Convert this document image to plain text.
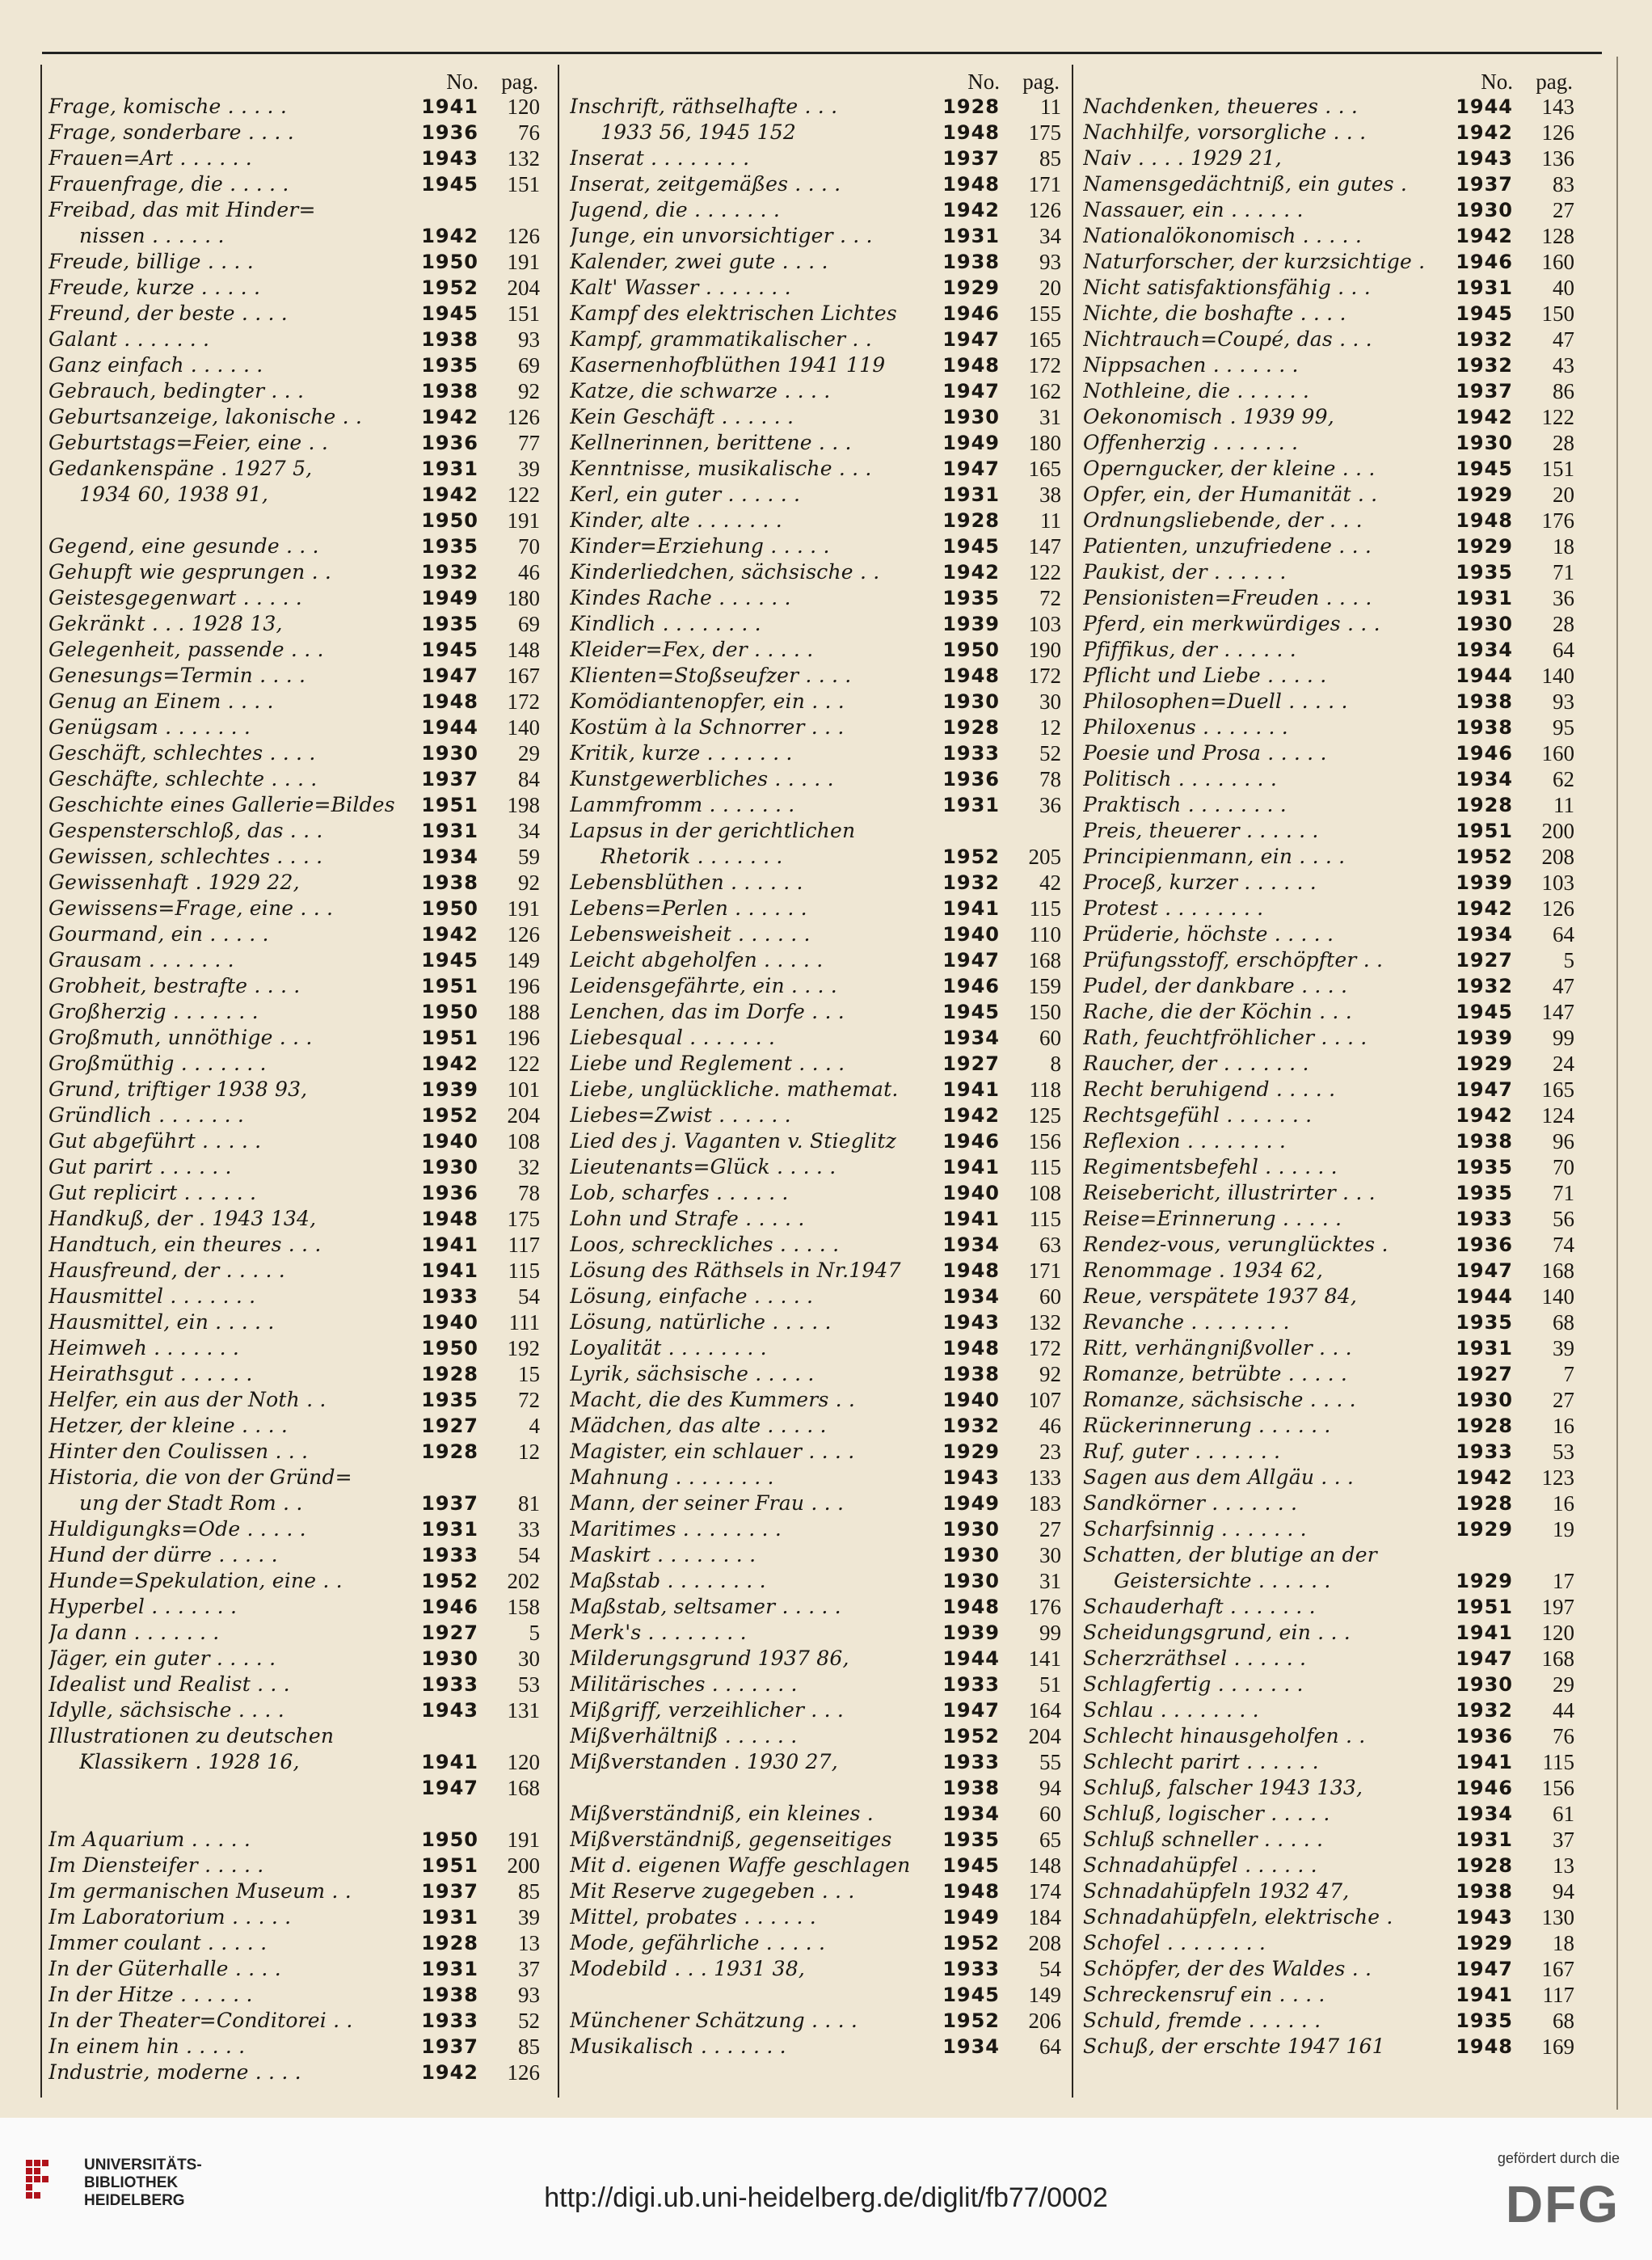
No. pag.
Frage, komische . . . . .	1941	120
Frage, sonderbare . . . .	1936	76
Frauen=Art . . . . . .	1943	132
Frauenfrage, die . . . . .	1945	151
Freibad, das mit Hinder=
nissen . . . . . .	1942	126
Freude, billige . . . .	1950	191
Freude, kurze . . . . .	1952	204
Freund, der beste . . . .	1945	151
Galant . . . . . . .	1938	93
Ganz einfach . . . . . .	1935	69
Gebrauch, bedingter . . .	1938	92
Geburtsanzeige, lakonische . .	1942	126
Geburtstags=Feier, eine . .	1936	77
Gedankenspäne . 1927 5,	1931	39
1934 60, 1938 91,	1942	122
1950	191
Gegend, eine gesunde . . .	1935	70
Gehupft wie gesprungen . .	1932	46
Geistesgegenwart . . . . .	1949	180
Gekränkt . . . 1928 13,	1935	69
Gelegenheit, passende . . .	1945	148
Genesungs=Termin . . . .	1947	167
Genug an Einem . . . .	1948	172
Genügsam . . . . . . .	1944	140
Geschäft, schlechtes . . . .	1930	29
Geschäfte, schlechte . . . .	1937	84
Geschichte eines Gallerie=Bildes	1951	198
Gespensterschloß, das . . .	1931	34
Gewissen, schlechtes . . . .	1934	59
Gewissenhaft . 1929 22,	1938	92
Gewissens=Frage, eine . . .	1950	191
Gourmand, ein . . . . .	1942	126
Grausam . . . . . . .	1945	149
Grobheit, bestrafte . . . .	1951	196
Großherzig . . . . . . .	1950	188
Großmuth, unnöthige . . .	1951	196
Großmüthig . . . . . . .	1942	122
Grund, triftiger 1938 93,	1939	101
Gründlich . . . . . . .	1952	204
Gut abgeführt . . . . .	1940	108
Gut parirt . . . . . .	1930	32
Gut replicirt . . . . . .	1936	78
Handkuß, der . 1943 134,	1948	175
Handtuch, ein theures . . .	1941	117
Hausfreund, der . . . . .	1941	115
Hausmittel . . . . . . .	1933	54
Hausmittel, ein . . . . .	1940	111
Heimweh . . . . . . .	1950	192
Heirathsgut . . . . . .	1928	15
Helfer, ein aus der Noth . .	1935	72
Hetzer, der kleine . . . .	1927	4
Hinter den Coulissen . . .	1928	12
Historia, die von der Gründ=
ung der Stadt Rom . .	1937	81
Huldigungks=Ode . . . . .	1931	33
Hund der dürre . . . . .	1933	54
Hunde=Spekulation, eine . .	1952	202
Hyperbel . . . . . . .	1946	158
Ja dann . . . . . . .	1927	5
Jäger, ein guter . . . . .	1930	30
Idealist und Realist . . .	1933	53
Idylle, sächsische . . . .	1943	131
Illustrationen zu deutschen
Klassikern . 1928 16,	1941	120
1947	168
Im Aquarium . . . . .	1950	191
Im Diensteifer . . . . .	1951	200
Im germanischen Museum . .	1937	85
Im Laboratorium . . . . .	1931	39
Immer coulant . . . . .	1928	13
In der Güterhalle . . . .	1931	37
In der Hitze . . . . . .	1938	93
In der Theater=Conditorei . .	1933	52
In einem hin . . . . .	1937	85
Industrie, moderne . . . .	1942	126
No. pag.
Inschrift, räthselhafte . . .	1928	11
1933 56, 1945 152	1948	175
Inserat . . . . . . . .	1937	85
Inserat, zeitgemäßes . . . .	1948	171
Jugend, die . . . . . . .	1942	126
Junge, ein unvorsichtiger . . .	1931	34
Kalender, zwei gute . . . .	1938	93
Kalt' Wasser . . . . . . .	1929	20
Kampf des elektrischen Lichtes	1946	155
Kampf, grammatikalischer . .	1947	165
Kasernenhofblüthen 1941 119	1948	172
Katze, die schwarze . . . .	1947	162
Kein Geschäft . . . . . .	1930	31
Kellnerinnen, berittene . . .	1949	180
Kenntnisse, musikalische . . .	1947	165
Kerl, ein guter . . . . . .	1931	38
Kinder, alte . . . . . . .	1928	11
Kinder=Erziehung . . . . .	1945	147
Kinderliedchen, sächsische . .	1942	122
Kindes Rache . . . . . .	1935	72
Kindlich . . . . . . . .	1939	103
Kleider=Fex, der . . . . .	1950	190
Klienten=Stoßseufzer . . . .	1948	172
Komödiantenopfer, ein . . .	1930	30
Kostüm à la Schnorrer . . .	1928	12
Kritik, kurze . . . . . . .	1933	52
Kunstgewerbliches . . . . .	1936	78
Lammfromm . . . . . . .	1931	36
Lapsus in der gerichtlichen
Rhetorik . . . . . . .	1952	205
Lebensblüthen . . . . . .	1932	42
Lebens=Perlen . . . . . .	1941	115
Lebensweisheit . . . . . .	1940	110
Leicht abgeholfen . . . . .	1947	168
Leidensgefährte, ein . . . .	1946	159
Lenchen, das im Dorfe . . .	1945	150
Liebesqual . . . . . . .	1934	60
Liebe und Reglement . . . .	1927	8
Liebe, unglückliche. mathemat.	1941	118
Liebes=Zwist . . . . . .	1942	125
Lied des j. Vaganten v. Stieglitz	1946	156
Lieutenants=Glück . . . . .	1941	115
Lob, scharfes . . . . . .	1940	108
Lohn und Strafe . . . . .	1941	115
Loos, schreckliches . . . . .	1934	63
Lösung des Räthsels in Nr.1947	1948	171
Lösung, einfache . . . . .	1934	60
Lösung, natürliche . . . . .	1943	132
Loyalität . . . . . . . .	1948	172
Lyrik, sächsische . . . . .	1938	92
Macht, die des Kummers . .	1940	107
Mädchen, das alte . . . . .	1932	46
Magister, ein schlauer . . . .	1929	23
Mahnung . . . . . . . .	1943	133
Mann, der seiner Frau . . .	1949	183
Maritimes . . . . . . . .	1930	27
Maskirt . . . . . . . .	1930	30
Maßstab . . . . . . . .	1930	31
Maßstab, seltsamer . . . . .	1948	176
Merk's . . . . . . . .	1939	99
Milderungsgrund 1937 86,	1944	141
Militärisches . . . . . . .	1933	51
Mißgriff, verzeihlicher . . .	1947	164
Mißverhältniß . . . . . .	1952	204
Mißverstanden . 1930 27,	1933	55
1938	94
Mißverständniß, ein kleines .	1934	60
Mißverständniß, gegenseitiges	1935	65
Mit d. eigenen Waffe geschlagen	1945	148
Mit Reserve zugegeben . . .	1948	174
Mittel, probates . . . . . .	1949	184
Mode, gefährliche . . . . .	1952	208
Modebild . . . 1931 38,	1933	54
1945	149
Münchener Schätzung . . . .	1952	206
Musikalisch . . . . . . .	1934	64
No. pag.
Nachdenken, theueres . . .	1944	143
Nachhilfe, vorsorgliche . . .	1942	126
Naiv . . . . 1929 21,	1943	136
Namensgedächtniß, ein gutes .	1937	83
Nassauer, ein . . . . . .	1930	27
Nationalökonomisch . . . . .	1942	128
Naturforscher, der kurzsichtige .	1946	160
Nicht satisfaktionsfähig . . .	1931	40
Nichte, die boshafte . . . .	1945	150
Nichtrauch=Coupé, das . . .	1932	47
Nippsachen . . . . . . .	1932	43
Nothleine, die . . . . . .	1937	86
Oekonomisch . 1939 99,	1942	122
Offenherzig . . . . . . .	1930	28
Operngucker, der kleine . . .	1945	151
Opfer, ein, der Humanität . .	1929	20
Ordnungsliebende, der . . .	1948	176
Patienten, unzufriedene . . .	1929	18
Paukist, der . . . . . .	1935	71
Pensionisten=Freuden . . . .	1931	36
Pferd, ein merkwürdiges . . .	1930	28
Pfiffikus, der . . . . . .	1934	64
Pflicht und Liebe . . . . .	1944	140
Philosophen=Duell . . . . .	1938	93
Philoxenus . . . . . . .	1938	95
Poesie und Prosa . . . . .	1946	160
Politisch . . . . . . . .	1934	62
Praktisch . . . . . . . .	1928	11
Preis, theuerer . . . . . .	1951	200
Principienmann, ein . . . .	1952	208
Proceß, kurzer . . . . . .	1939	103
Protest . . . . . . . .	1942	126
Prüderie, höchste . . . . .	1934	64
Prüfungsstoff, erschöpfter . .	1927	5
Pudel, der dankbare . . . .	1932	47
Rache, die der Köchin . . .	1945	147
Rath, feuchtfröhlicher . . . .	1939	99
Raucher, der . . . . . . .	1929	24
Recht beruhigend . . . . .	1947	165
Rechtsgefühl . . . . . . .	1942	124
Reflexion . . . . . . . .	1938	96
Regimentsbefehl . . . . . .	1935	70
Reisebericht, illustrirter . . .	1935	71
Reise=Erinnerung . . . . .	1933	56
Rendez-vous, verunglücktes .	1936	74
Renommage . 1934 62,	1947	168
Reue, verspätete 1937 84,	1944	140
Revanche . . . . . . . .	1935	68
Ritt, verhängnißvoller . . .	1931	39
Romanze, betrübte . . . . .	1927	7
Romanze, sächsische . . . .	1930	27
Rückerinnerung . . . . . .	1928	16
Ruf, guter . . . . . . .	1933	53
Sagen aus dem Allgäu . . .	1942	123
Sandkörner . . . . . . .	1928	16
Scharfsinnig . . . . . . .	1929	19
Schatten, der blutige an der
Geistersichte . . . . . .	1929	17
Schauderhaft . . . . . . .	1951	197
Scheidungsgrund, ein . . .	1941	120
Scherzräthsel . . . . . .	1947	168
Schlagfertig . . . . . . .	1930	29
Schlau . . . . . . . .	1932	44
Schlecht hinausgeholfen . .	1936	76
Schlecht parirt . . . . . .	1941	115
Schluß, falscher 1943 133,	1946	156
Schluß, logischer . . . . .	1934	61
Schluß schneller . . . . .	1931	37
Schnadahüpfel . . . . . .	1928	13
Schnadahüpfeln 1932 47,	1938	94
Schnadahüpfeln, elektrische .	1943	130
Schofel . . . . . . . .	1929	18
Schöpfer, der des Waldes . .	1947	167
Schreckensruf ein . . . .	1941	117
Schuld, fremde . . . . . .	1935	68
Schuß, der erschte 1947 161	1948	169
UNIVERSITÄTS-
BIBLIOTHEK
HEIDELBERG	http://digi.ub.uni-heidelberg.de/diglit/fb77/0002
gefördert durch die
DFG
